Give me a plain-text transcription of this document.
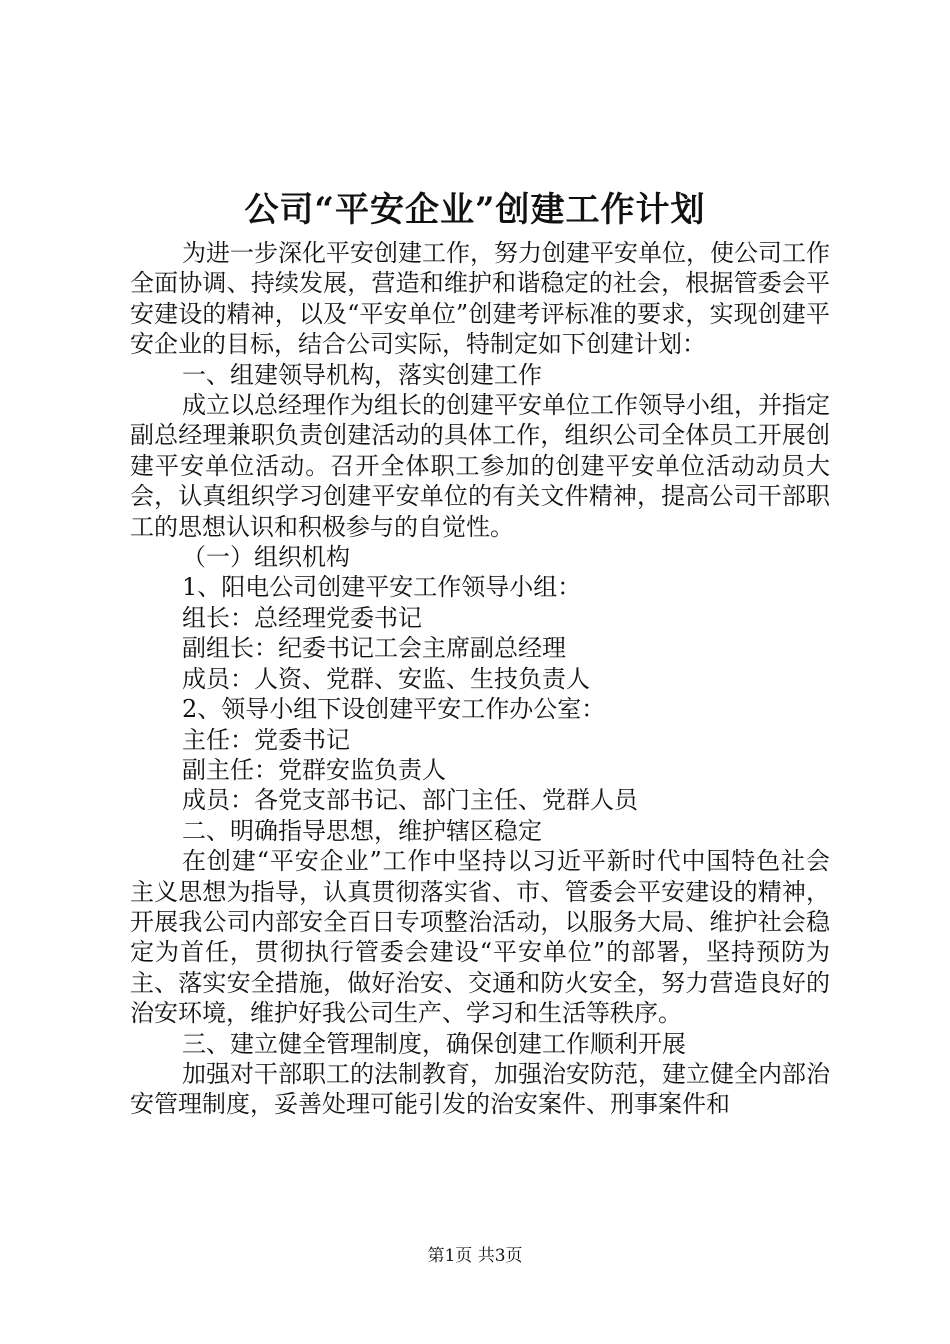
公司“平安企业”创建工作计划

为进一步深化平安创建工作，努力创建平安单位，使公司工作全面协调、持续发展，营造和维护和谐稳定的社会，根据管委会平安建设的精神，以及“平安单位”创建考评标准的要求，实现创建平安企业的目标，结合公司实际，特制定如下创建计划：

一、组建领导机构，落实创建工作

成立以总经理作为组长的创建平安单位工作领导小组，并指定副总经理兼职负责创建活动的具体工作，组织公司全体员工开展创建平安单位活动。召开全体职工参加的创建平安单位活动动员大会，认真组织学习创建平安单位的有关文件精神，提高公司干部职工的思想认识和积极参与的自觉性。

（一）组织机构

1、阳电公司创建平安工作领导小组：

组长：总经理党委书记

副组长：纪委书记工会主席副总经理

成员：人资、党群、安监、生技负责人

2、领导小组下设创建平安工作办公室：

主任：党委书记

副主任：党群安监负责人

成员：各党支部书记、部门主任、党群人员

二、明确指导思想，维护辖区稳定

在创建“平安企业”工作中坚持以习近平新时代中国特色社会主义思想为指导，认真贯彻落实省、市、管委会平安建设的精神，开展我公司内部安全百日专项整治活动，以服务大局、维护社会稳定为首任，贯彻执行管委会建设“平安单位”的部署，坚持预防为主、落实安全措施，做好治安、交通和防火安全，努力营造良好的治安环境，维护好我公司生产、学习和生活等秩序。

三、建立健全管理制度，确保创建工作顺利开展

加强对干部职工的法制教育，加强治安防范，建立健全内部治安管理制度，妥善处理可能引发的治安案件、刑事案件和

第1页 共3页
